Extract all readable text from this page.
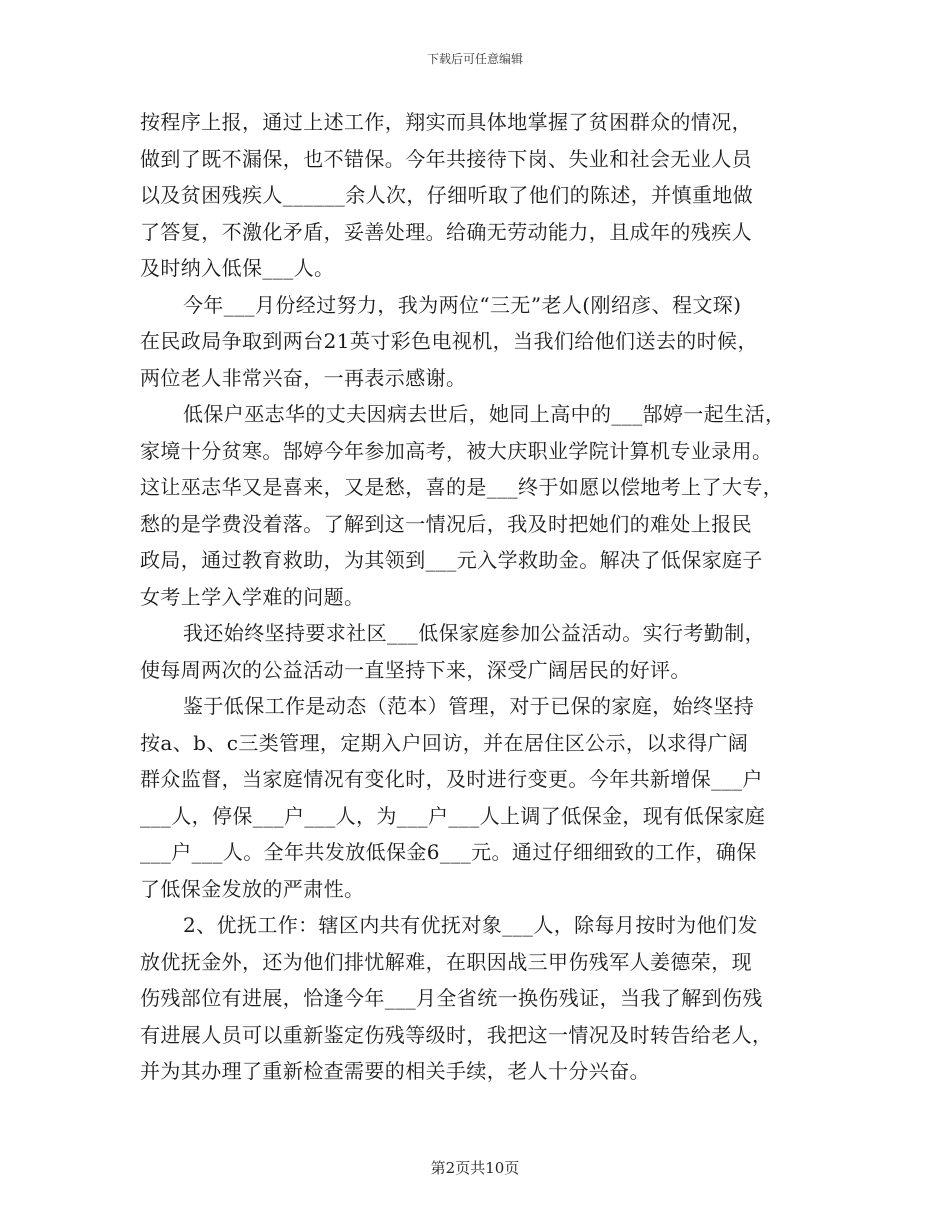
下载后可任意编辑
按程序上报，通过上述工作，翔实而具体地掌握了贫困群众的情况，
做到了既不漏保，也不错保。今年共接待下岗、失业和社会无业人员
以及贫困残疾人______余人次，仔细听取了他们的陈述，并慎重地做
了答复，不激化矛盾，妥善处理。给确无劳动能力，且成年的残疾人
及时纳入低保___人。
今年___月份经过努力，我为两位“三无”老人(刚绍彦、程文琛)
在民政局争取到两台21英寸彩色电视机，当我们给他们送去的时候，
两位老人非常兴奋，一再表示感谢。
低保户巫志华的丈夫因病去世后，她同上高中的___郜婷一起生活，
家境十分贫寒。郜婷今年参加高考，被大庆职业学院计算机专业录用。
这让巫志华又是喜来，又是愁，喜的是___终于如愿以偿地考上了大专，
愁的是学费没着落。了解到这一情况后，我及时把她们的难处上报民
政局，通过教育救助，为其领到___元入学救助金。解决了低保家庭子
女考上学入学难的问题。
我还始终坚持要求社区___低保家庭参加公益活动。实行考勤制，
使每周两次的公益活动一直坚持下来，深受广阔居民的好评。
鉴于低保工作是动态（范本）管理，对于已保的家庭，始终坚持
按a、b、c三类管理，定期入户回访，并在居住区公示，以求得广阔
群众监督，当家庭情况有变化时，及时进行变更。今年共新增保___户
___人，停保___户___人，为___户___人上调了低保金，现有低保家庭
___户___人。全年共发放低保金6___元。通过仔细细致的工作，确保
了低保金发放的严肃性。
2、优抚工作：辖区内共有优抚对象___人，除每月按时为他们发
放优抚金外，还为他们排忧解难，在职因战三甲伤残军人姜德荣，现
伤残部位有进展，恰逢今年___月全省统一换伤残证，当我了解到伤残
有进展人员可以重新鉴定伤残等级时，我把这一情况及时转告给老人，
并为其办理了重新检查需要的相关手续，老人十分兴奋。
第2页共10页
